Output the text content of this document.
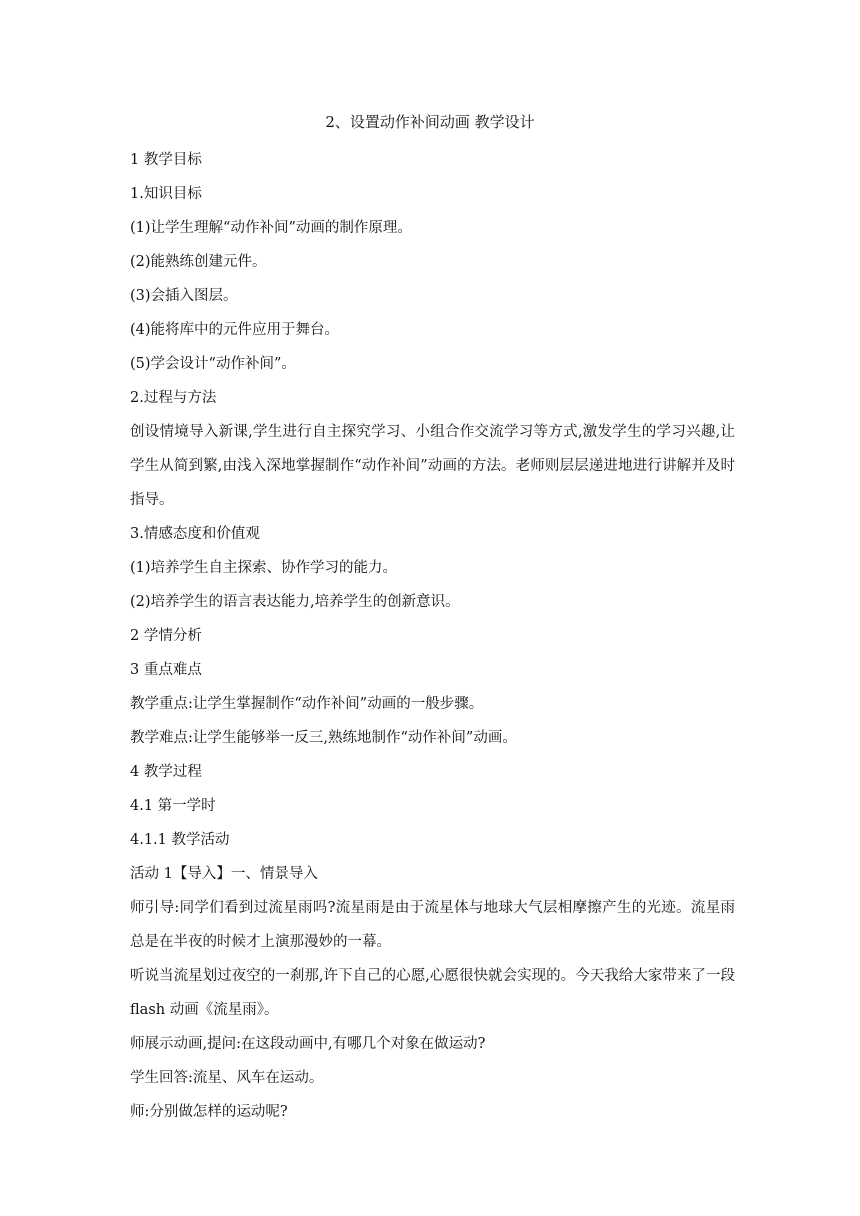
2、设置动作补间动画 教学设计

1 教学目标

1.知识目标

(1)让学生理解“动作补间”动画的制作原理。

(2)能熟练创建元件。

(3)会插入图层。

(4)能将库中的元件应用于舞台。

(5)学会设计“动作补间”。

2.过程与方法

创设情境导入新课,学生进行自主探究学习、小组合作交流学习等方式,激发学生的学习兴趣,让学生从简到繁,由浅入深地掌握制作“动作补间”动画的方法。老师则层层递进地进行讲解并及时指导。

3.情感态度和价值观

(1)培养学生自主探索、协作学习的能力。

(2)培养学生的语言表达能力,培养学生的创新意识。

2 学情分析

3 重点难点

教学重点:让学生掌握制作“动作补间”动画的一般步骤。

教学难点:让学生能够举一反三,熟练地制作“动作补间”动画。

4 教学过程

4.1 第一学时

4.1.1 教学活动

活动 1【导入】一、情景导入

师引导:同学们看到过流星雨吗?流星雨是由于流星体与地球大气层相摩擦产生的光迹。流星雨总是在半夜的时候才上演那漫妙的一幕。

听说当流星划过夜空的一刹那,许下自己的心愿,心愿很快就会实现的。今天我给大家带来了一段 flash 动画《流星雨》。

师展示动画,提问:在这段动画中,有哪几个对象在做运动?

学生回答:流星、风车在运动。

师:分别做怎样的运动呢?
